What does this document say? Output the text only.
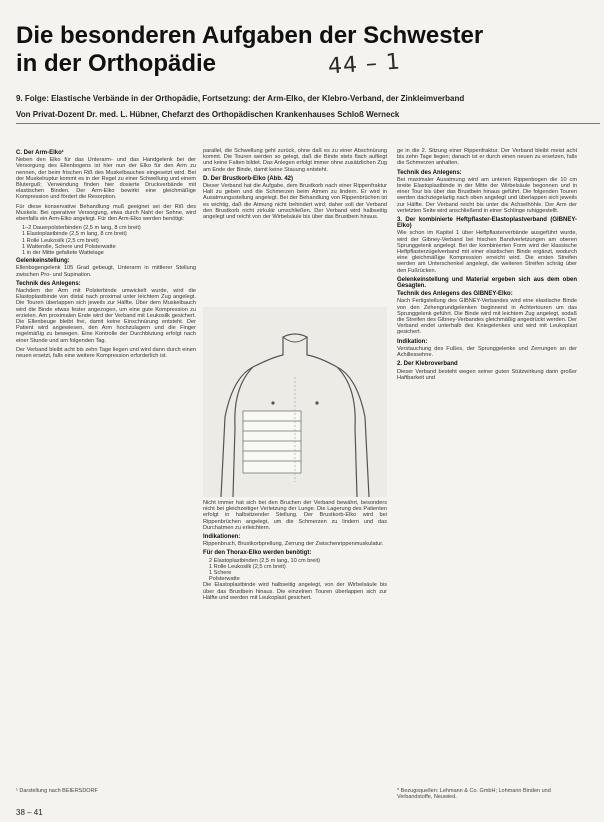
Die besonderen Aufgaben der Schwester
in der Orthopädie	44 – 1
9. Folge: Elastische Verbände in der Orthopädie, Fortsetzung: der Arm-Elko, der Klebro-Verband, der Zinkleimverband
Von Privat-Dozent Dr. med. L. Hübner, Chefarzt des Orthopädischen Krankenhauses Schloß Werneck
C. Der Arm-Elko¹

Neben den Elko für das Unterarm- und das Handgelenk bei der Versorgung des Ellenbogens ist hier nun der Elko für den Arm zu nennen, der beim frischen Riß des Muskelbauches eingesetzt wird. Bei der Muskelruptur kommt es in der Regel zu einer Schwellung und einem Bluterguß; Verwendung finden hier dosierte Druckverbände mit elastischen Binden. Der Arm-Elko bewirkt eine gleichmäßige Kompression und fördert die Resorption.

Für diese konservative Behandlung muß geeignet sei der Riß des Muskels. Bei operativer Versorgung, etwa durch Naht der Sehne, wird ebenfalls ein Arm-Elko angelegt. Für den Arm-Elko werden benötigt:

1–2 Dauerpolsterbinden (2,5 m lang, 8 cm breit)
1 Elastoplastbinde (2,5 m lang, 8 cm breit)
1 Rolle Leukosilk (2,5 cm breit)
1 Watterolle, Schere und Polsterwatte
1 in der Mitte gefaltete Wattelage
Gelenkeinstellung:

Ellenbogengelenk 105 Grad gebeugt, Unterarm in mittlerer Stellung zwischen Pro- und Supination.

Technik des Anlegens:

Nachdem der Arm mit Polsterbinde umwickelt wurde, wird die Elastoplastbinde von distal nach proximal unter leichtem Zug angelegt. Die Touren überlappen sich jeweils zur Hälfte. Über dem Muskelbauch wird die Binde etwas fester angezogen, um eine gute Kompression zu erzielen. Am proximalen Ende wird der Verband mit Leukosilk gesichert. Die Ellenbeuge bleibt frei, damit keine Einschnürung entsteht. Der Patient wird angewiesen, den Arm hochzulagern und die Finger regelmäßig zu bewegen. Eine Kontrolle der Durchblutung erfolgt nach einer Stunde und am folgenden Tag.

Der Verband bleibt acht bis zehn Tage liegen und wird dann durch einen neuen ersetzt, falls eine weitere Kompression erforderlich ist.

parallel, die Schwellung geht zurück, ohne daß es zu einer Abschnürung kommt. Die Touren werden so gelegt, daß die Binde stets flach aufliegt und keine Falten bildet. Das Anlegen erfolgt immer ohne zusätzlichen Zug am Ende der Binde, damit keine Stauung entsteht.

D. Der Brustkorb-Elko (Abb. 42)

Dieser Verband hat die Aufgabe, dem Brustkorb nach einer Rippenfraktur Halt zu geben und die Schmerzen beim Atmen zu lindern. Er wird in Ausatmungsstellung angelegt. Bei der Behandlung von Rippenbrüchen ist es wichtig, daß die Atmung nicht behindert wird; daher soll der Verband den Brustkorb nicht zirkulär umschließen. Der Verband wird halbseitig angelegt und reicht von der Wirbelsäule bis über das Brustbein hinaus.

Nicht immer hat sich bei den Bruchen der Verband bewährt, besonders nicht bei gleichzeitiger Verletzung der Lunge. Die Lagerung des Patienten erfolgt in halbsitzender Stellung. Der Brustkorb-Elko wird bei Rippenbrüchen angelegt, um die Schmerzen zu lindern und das Durchatmen zu erleichtern.

Indikationen:

Rippenbruch, Brustkorbprellung, Zerrung der Zwischenrippenmuskulatur.

Für den Thorax-Elko werden benötigt:
2 Elastoplastbinden (2,5 m lang, 10 cm breit)
1 Rolle Leukosilk (2,5 cm breit)
1 Schere
Polsterwatte

Die Elastoplastbinde wird halbseitig angelegt, von der Wirbelsäule bis über das Brustbein hinaus. Die einzelnen Touren überlappen sich zur Hälfte und werden mit Leukoplast gesichert.

ge in die 2. Sitzung einer Rippenfraktur. Der Verband bleibt meist acht bis zehn Tage liegen; danach ist er durch einen neuen zu ersetzen, falls die Schmerzen anhalten.

Technik des Anlegens:

Bei maximaler Ausatmung wird am unteren Rippenbogen die 10 cm breite Elastoplastbinde in der Mitte der Wirbelsäule begonnen und in einer Tour bis über das Brustbein hinaus geführt. Die folgenden Touren werden dachziegelartig nach oben angelegt und überlappen sich jeweils zur Hälfte. Der Verband reicht bis unter die Achselhöhle. Der Arm der verletzten Seite wird anschließend in einer Schlinge ruhiggestellt.

3. Der kombinierte Heftpflaster-Elastoplastverband (GIBNEY-Elko)

Wie schon im Kapitel 1 über Heftpflasterverbände ausgeführt wurde, wird der Gibney-Verband bei frischen Bandverletzungen am oberen Sprunggelenk angelegt. Bei der kombinierten Form wird der klassische Heftpflasterzügelverband mit einer elastischen Binde ergänzt, wodurch eine gleichmäßige Kompression erreicht wird. Die ersten Streifen werden am Unterschenkel angelegt, die weiteren Streifen schräg über den Fußrücken.

Gelenkeinstellung und Material ergeben sich aus dem oben Gesagten.
Technik des Anlegens des GIBNEY-Elko:

Nach Fertigstellung des GIBNEY-Verbandes wird eine elastische Binde von den Zehengrundgelenken beginnend in Achtertouren um das Sprunggelenk geführt. Die Binde wird mit leichtem Zug angelegt, sodaß die Streifen des Gibney-Verbandes gleichmäßig angedrückt werden. Der Verband endet unterhalb des Kniegelenkes und wird mit Leukoplast gesichert.

Indikation:

Verstauchung des Fußes, der Sprunggelenke und Zerrungen an der Achillessehne.

2. Der Klebroverband

Dieser Verband besteht wegen seiner guten Stützwirkung darin großer Haftbarkeit und

¹ Darstellung nach BEIERSDORF	* Bezugsquellen: Lehmann & Co. GmbH; Lohmann Binden und Verbandstoffe, Neuwied.
38 – 41
